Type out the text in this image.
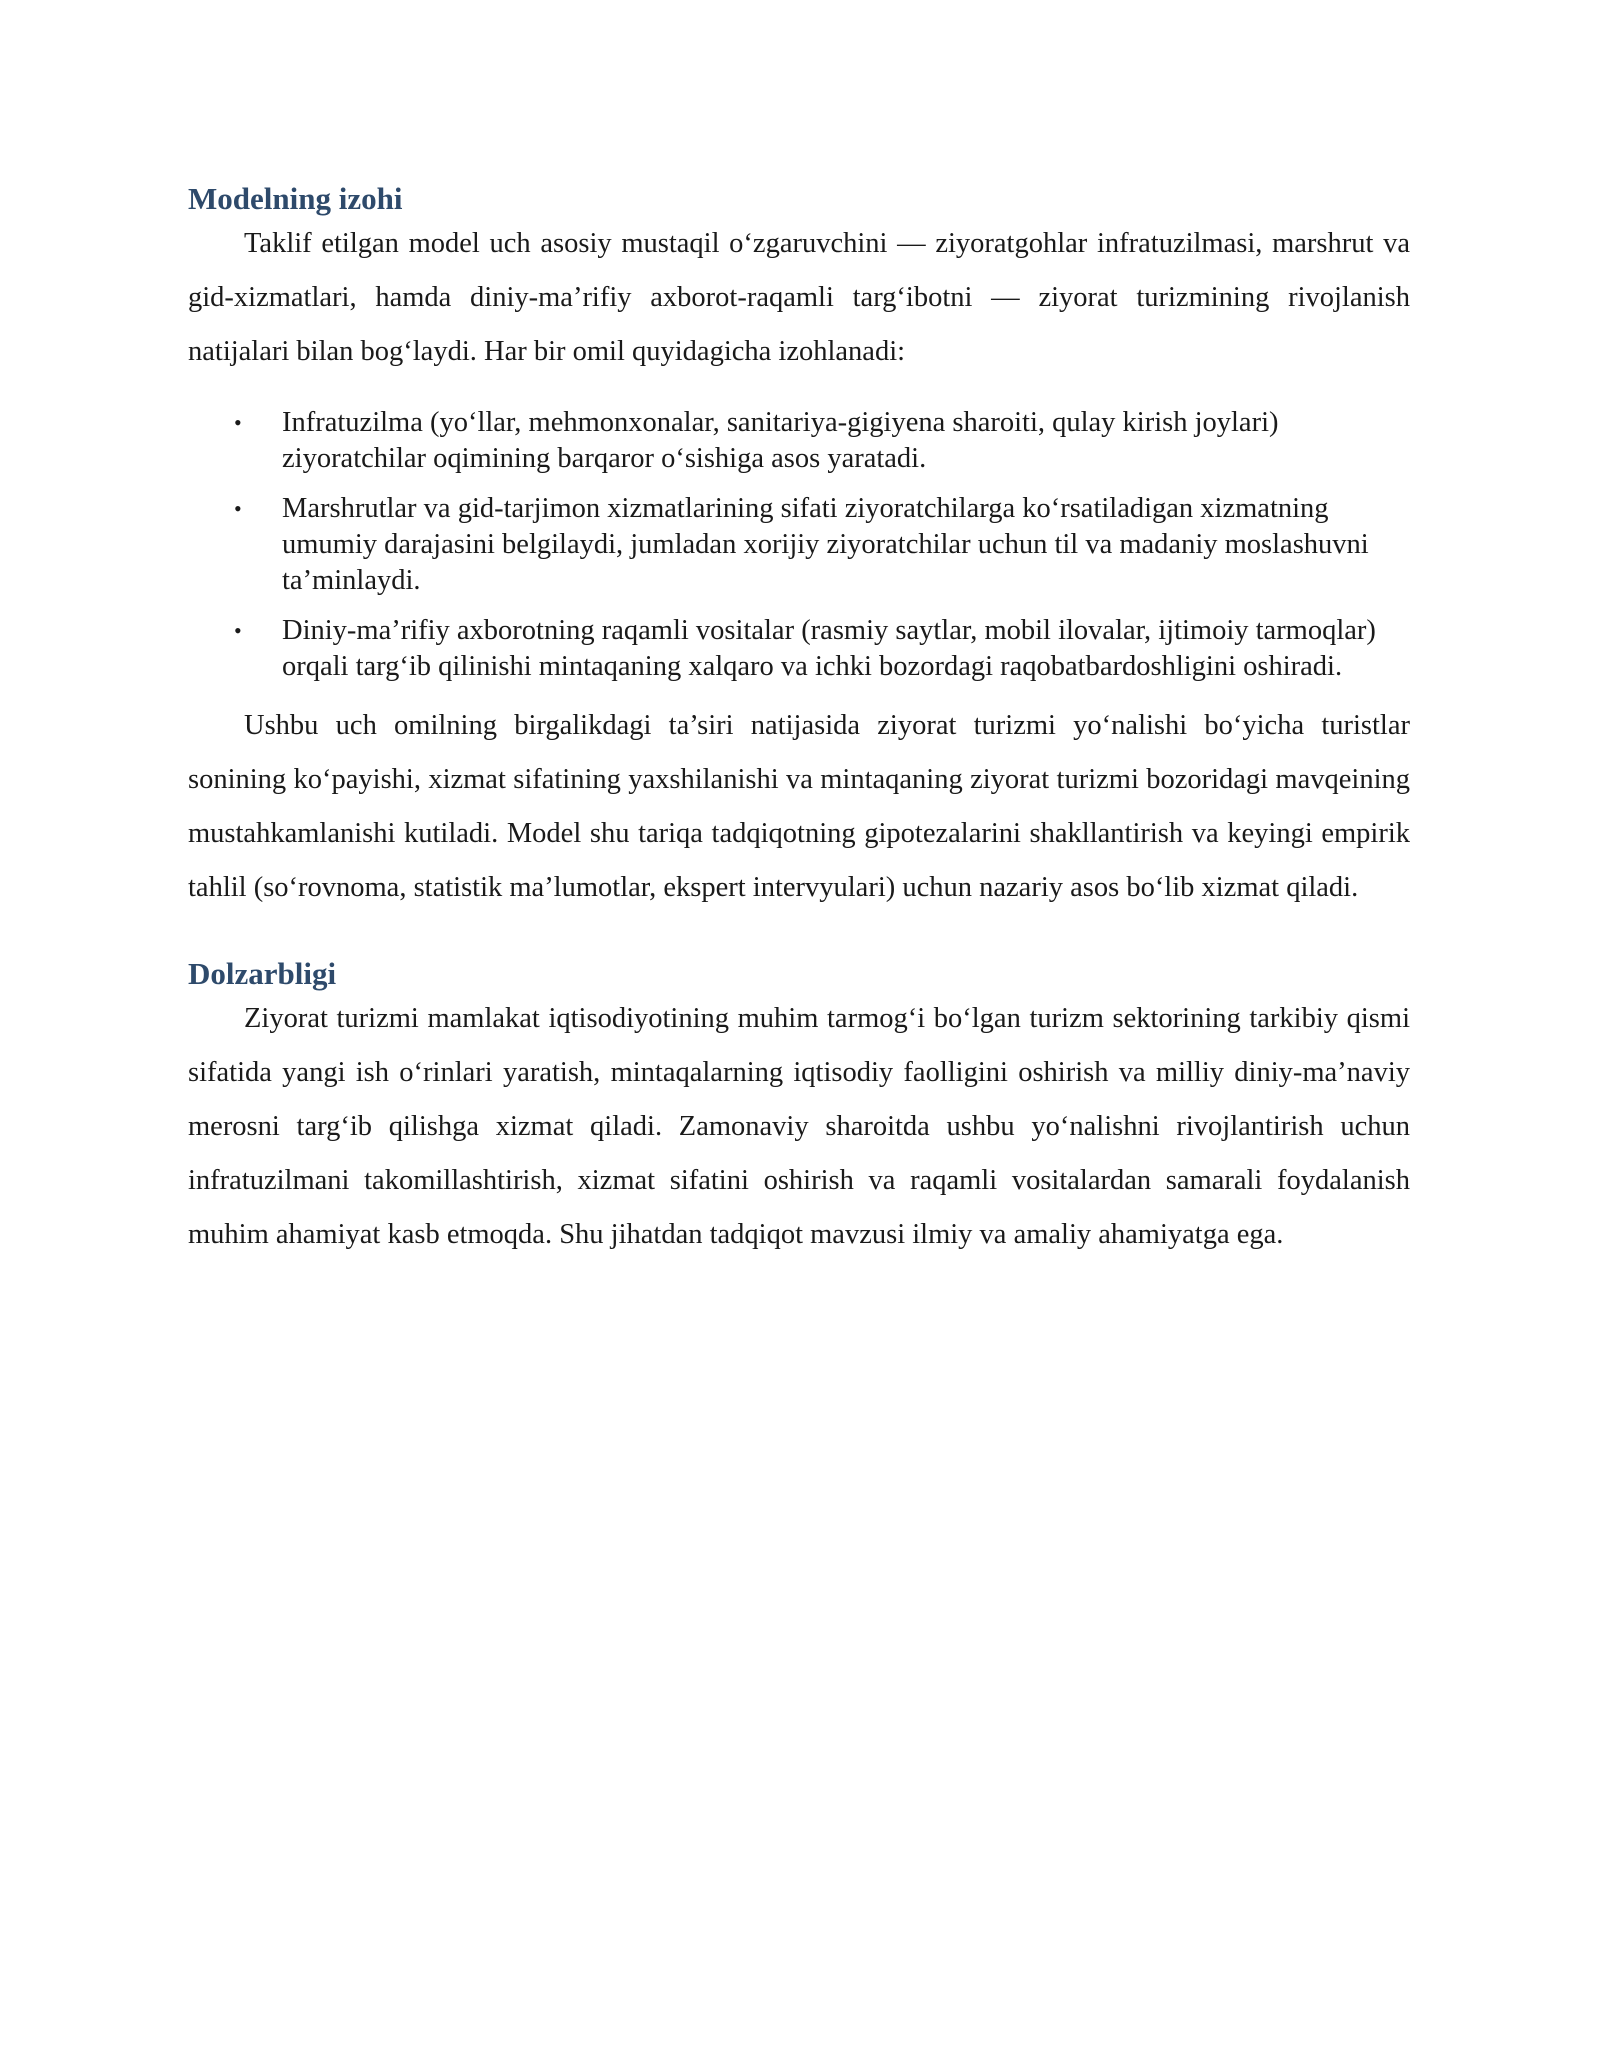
Modelning izohi

Taklif etilgan model uch asosiy mustaqil o‘zgaruvchini — ziyoratgohlar infratuzilmasi, marshrut va gid-xizmatlari, hamda diniy-ma’rifiy axborot-raqamli targ‘ibotni — ziyorat turizmining rivojlanish natijalari bilan bog‘laydi. Har bir omil quyidagicha izohlanadi:

• Infratuzilma (yo‘llar, mehmonxonalar, sanitariya-gigiyena sharoiti, qulay kirish joylari) ziyoratchilar oqimining barqaror o‘sishiga asos yaratadi.
• Marshrutlar va gid-tarjimon xizmatlarining sifati ziyoratchilarga ko‘rsatiladigan xizmatning umumiy darajasini belgilaydi, jumladan xorijiy ziyoratchilar uchun til va madaniy moslashuvni ta’minlaydi.
• Diniy-ma’rifiy axborotning raqamli vositalar (rasmiy saytlar, mobil ilovalar, ijtimoiy tarmoqlar) orqali targ‘ib qilinishi mintaqaning xalqaro va ichki bozordagi raqobatbardoshligini oshiradi.

Ushbu uch omilning birgalikdagi ta’siri natijasida ziyorat turizmi yo‘nalishi bo‘yicha turistlar sonining ko‘payishi, xizmat sifatining yaxshilanishi va mintaqaning ziyorat turizmi bozoridagi mavqeining mustahkamlanishi kutiladi. Model shu tariqa tadqiqotning gipotezalarini shakllantirish va keyingi empirik tahlil (so‘rovnoma, statistik ma’lumotlar, ekspert intervyulari) uchun nazariy asos bo‘lib xizmat qiladi.

Dolzarbligi

Ziyorat turizmi mamlakat iqtisodiyotining muhim tarmog‘i bo‘lgan turizm sektorining tarkibiy qismi sifatida yangi ish o‘rinlari yaratish, mintaqalarning iqtisodiy faolligini oshirish va milliy diniy-ma’naviy merosni targ‘ib qilishga xizmat qiladi. Zamonaviy sharoitda ushbu yo‘nalishni rivojlantirish uchun infratuzilmani takomillashtirish, xizmat sifatini oshirish va raqamli vositalardan samarali foydalanish muhim ahamiyat kasb etmoqda. Shu jihatdan tadqiqot mavzusi ilmiy va amaliy ahamiyatga ega.
